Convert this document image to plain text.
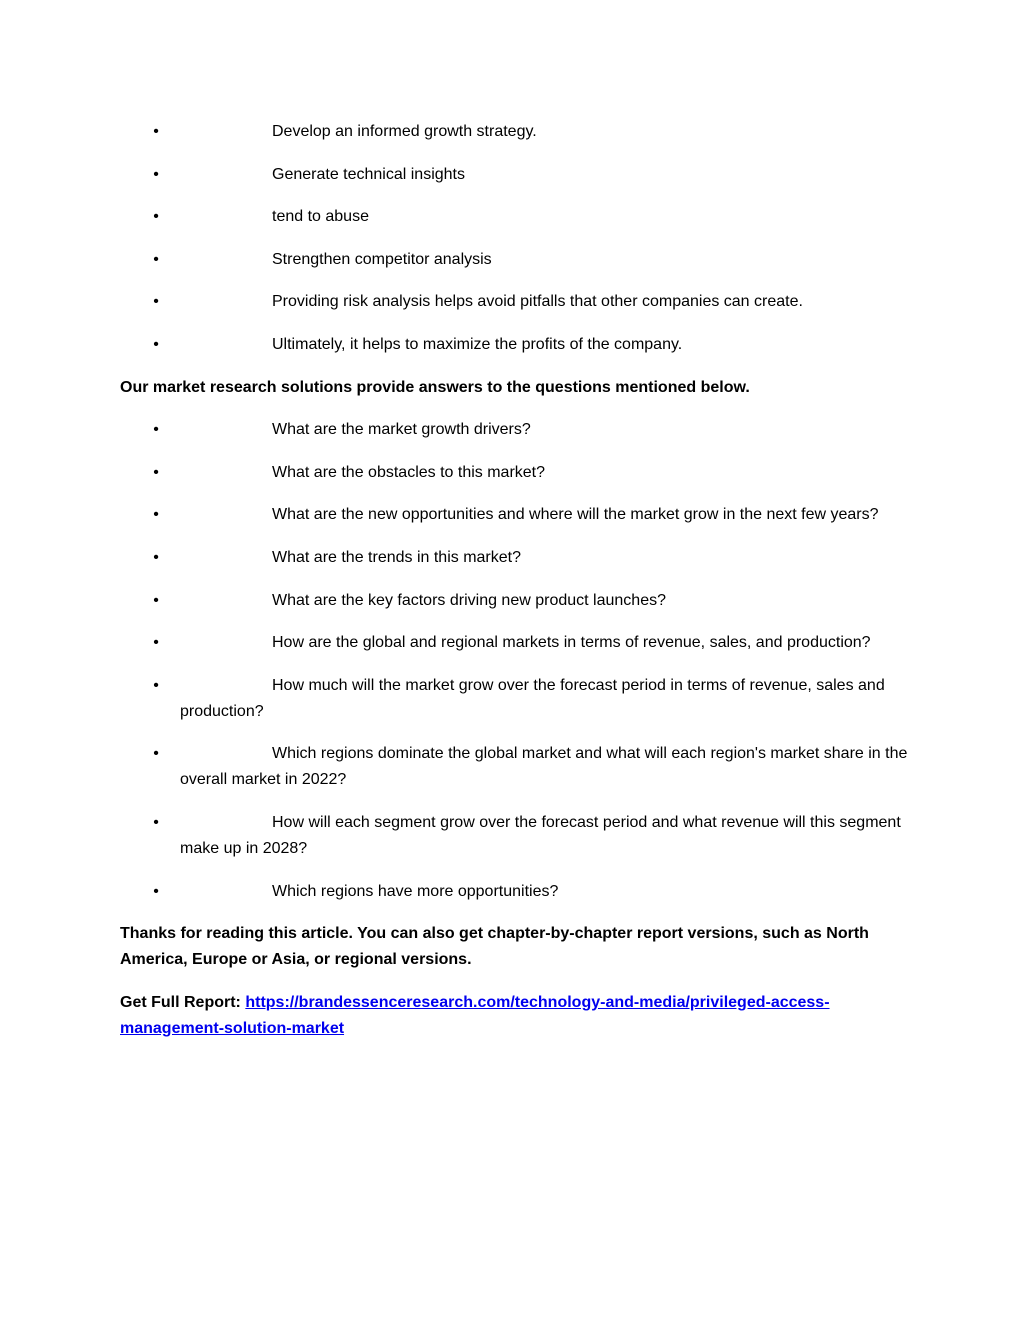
•	Develop an informed growth strategy.
•	Generate technical insights
•	tend to abuse
•	Strengthen competitor analysis
•	Providing risk analysis helps avoid pitfalls that other companies can create.
•	Ultimately, it helps to maximize the profits of the company.

Our market research solutions provide answers to the questions mentioned below.

•	What are the market growth drivers?
•	What are the obstacles to this market?
•	What are the new opportunities and where will the market grow in the next few years?
•	What are the trends in this market?
•	What are the key factors driving new product launches?
•	How are the global and regional markets in terms of revenue, sales, and production?
•	How much will the market grow over the forecast period in terms of revenue, sales and production?
•	Which regions dominate the global market and what will each region's market share in the overall market in 2022?
•	How will each segment grow over the forecast period and what revenue will this segment make up in 2028?
•	Which regions have more opportunities?

Thanks for reading this article. You can also get chapter-by-chapter report versions, such as North America, Europe or Asia, or regional versions.

Get Full Report: https://brandessenceresearch.com/technology-and-media/privileged-access-management-solution-market
